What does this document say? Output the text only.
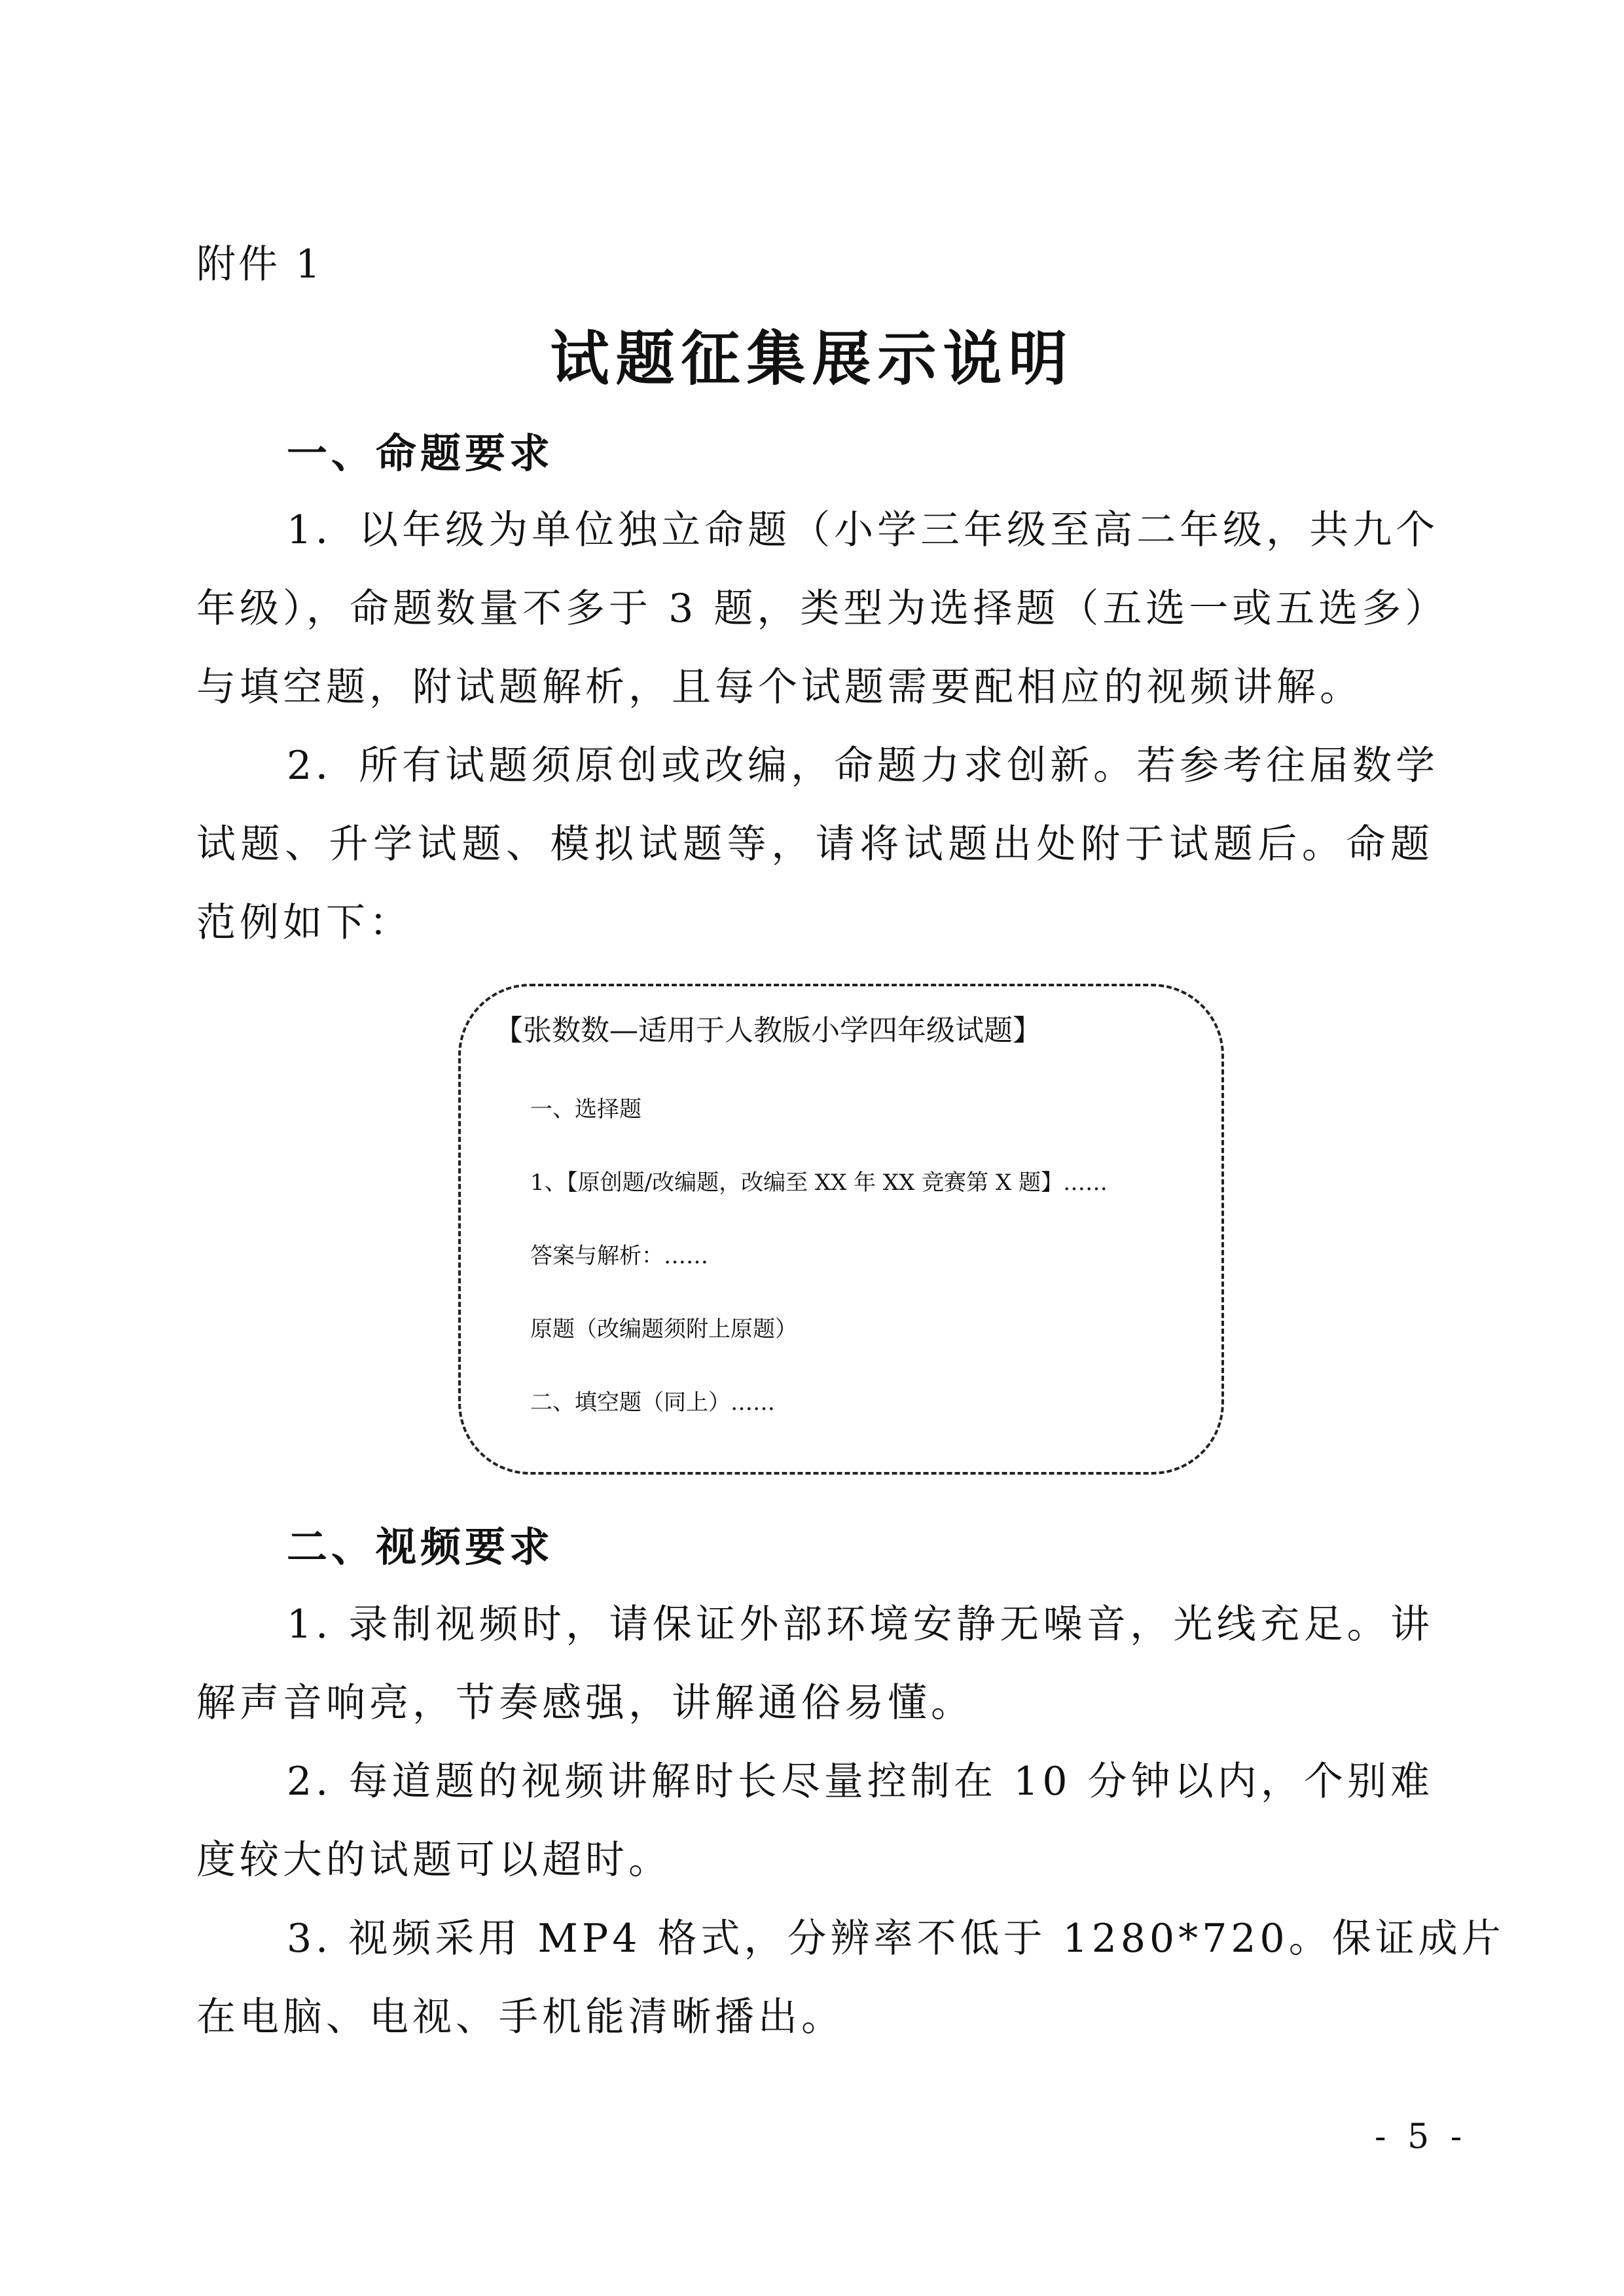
附件 1
试题征集展示说明
一、命题要求

1．以年级为单位独立命题（小学三年级至高二年级，共九个

年级），命题数量不多于 3 题，类型为选择题（五选一或五选多）

与填空题，附试题解析，且每个试题需要配相应的视频讲解。

2．所有试题须原创或改编，命题力求创新。若参考往届数学

试题、升学试题、模拟试题等，请将试题出处附于试题后。命题

范例如下：

【张数数—适用于人教版小学四年级试题】
一、选择题
1、【原创题/改编题，改编至 XX 年 XX 竞赛第 X 题】……
答案与解析：……
原题（改编题须附上原题）
二、填空题（同上）……
二、视频要求

1. 录制视频时，请保证外部环境安静无噪音，光线充足。讲

解声音响亮，节奏感强，讲解通俗易懂。

2. 每道题的视频讲解时长尽量控制在 10 分钟以内，个别难

度较大的试题可以超时。

3. 视频采用 MP4 格式，分辨率不低于 1280*720。保证成片

在电脑、电视、手机能清晰播出。

- 5 -
